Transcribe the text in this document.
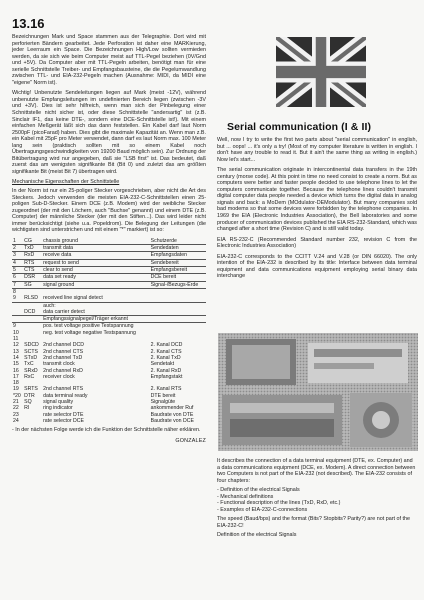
13.16

Bezeichnungen Mark und Space stammen aus der Telegraphie. Dort wird mit perforierten Bändern gearbeitet. Jede Perforation ist daher eine MARKierung, jeder Leerraum ein Space. Die Bezeichnungen High/Low sollten vermieden werden, da sie sich wie beim Computer meist auf TTL-Pegel beziehen (0V/Gnd und +5V). Da Computer aber mit TTL-Pegeln arbeiten, benötigt man für eine serielle Schnittstelle Treiber- und Empfangsbausteine, die die Pegelumwandlung zwischen TTL- und EIA-232-Pegeln machen (Ausnahme: MIDI, da MIDI eine "eigene" Norm ist).

Wichtig! Unbenutzte Sendeleitungen liegen auf Mark (meist -12V), während unbenutzte Empfangsleitungen im undefinierten Bereich liegen (zwischen -3V und +3V). Dies ist sehr hilfreich, wenn man sich der Pinbelegung einer Schnittstelle nicht sicher ist, oder diese Schnittstelle "andersartig" ist (z.B. Sinclair IF1, das keine DTE-, sondern eine DCE-Schnittstelle ist!). Mit einem einfachen Meßgerät läßt sich das dann feststellen. Ein Kabel darf laut Norm 2500pF (picoFarad) haben. Dies gibt die maximale Kapazität an. Wenn man z.B. ein Kabel mit 25pF pro Meter verwendet, dann darf es laut Norm max. 100 Meter lang sein (praktisch sollten mit so einem Kabel noch Übertragungsgeschwindigkeiten von 19200 Baud möglich sein). Zur Ordnung der Bitübertragung wird nur angegeben, daß sie "LSB first" ist. Das bedeutet, daß zuerst das am wenigsten signifikante Bit (Bit 0) und zuletzt das am größten signifikante Bit (meist Bit 7) übertragen wird.

Mechanische Eigenschaften der Schnittstelle

In der Norm ist nur ein 25-poliger Stecker vorgeschrieben, aber nicht die Art des Steckers. Jedoch verwenden die meisten EIA-232-C-Schnittstellen einen 25-poligen Sub-D-Stecker. Einem DCE (z.B. Modem) wird der weibliche Stecker zugeordnet (der mit den Löchern, auch "Buchse" genannt) und einem DTE (z.B. Computer) der männliche Stecker (der mit den Stiften...). Das wird leider nicht immer berücksichtigt (siehe u.a. Popeldrom). Die Belegung der Leitungen (die wichtigsten sind unterstrichen und mit einem "*" markiert) ist so:

1	CG	chassis ground	Schutzerde
2	TxD	transmit data	Sendedaten
3	RxD	receive data	Empfangsdaten
4	RTS	request to send	Sendebereit
5	CTS	clear to send	Empfangsbereit
6	DSR	data set ready	DCE bereit
7	SG	signal ground	Signal-/Bezugs-Erde
8			
9	RLSD	received line signal detect	
		auch:	
	DCD	data carrier detect	
		Empfangssignalpegel/Träger erkannt	
9		pos. test voltage positive Testspannung	
10		neg. test voltage negative Testspannung	
11			
12	SDCD	2nd channel DCD	2. Kanal DCD
13	SCTS	2nd channel CTS	2. Kanal CTS
14	STxD	2nd channel TxD	2. Kanal TxD
15	TxC	transmit clock	Sendetakt
16	SRxD	2nd channel RxD	2. Kanal RxD
17	RxC	receiver clock	Empfangstakt
18			
19	SRTS	2nd channel RTS	2. Kanal RTS
*20	DTR	data terminal ready	DTE bereit
21	SQ	signal quality	Signalgüte
22	RI	ring indicator	ankommender Ruf
23		rate selector DTE	Baudrate von DTE
24		rate selector DCE	Baudrate von DCE

- In der nächsten Folge werde ich die Funktion der Schnittstelle näher erklären.

GONZALEZ
Serial communication (I & II)

Well, now I try to write the first two parts about "serial communication" in english, but ... oops! ... it's only a try! (Most of my computer literature is written in english. I don't have any trouble to read it. But it ain't the same thing as writing in english.) Now let's start...

The serial communication originate in intercontinental data transfers in the 19th century (morse code). At this point in time no need consist to create a norm. But as computers were better and faster people decided to use telephone lines to let the computers communicate together. Because the telephone lines couldn't transmit digital computer data people needed a device which turns the digital data in analog signals and back: a MoDem (MOdulator-DEModulator). But many companies sold bad modems so that some devices were forbidden by the telephone companies. In 1969 the EIA (Electronic Industries Association), the Bell laboratories and some producer of communication devices published the EIA RS-232-Standard, which was changed after a short time (Revision C) and is still valid today.

EIA RS-232-C (Recommended Standard number 232, revision C from the Electronic Industries Association)

EIA-232-C corresponds to the CCITT V.24 and V.28 (or DIN 66020). The only intention of the EIA-232 is described by its title: Interface between data terminal equipment and data communications equipment employing serial binary data interchange

It describes the connection of a data terminal equipment (DTE, ex. Computer) and a data communications equipment (DCE, ex. Modem). A direct connection between two Computers is not part of the EIA-232 (not described). The EIA-232 consists of four chapters:

- Definition of the electrical Signals
- Mechanical definitions
- Functional description of the lines (TxD, RxD, etc.)
- Examples of EIA-232-C-connections

The speed (Baud/bps) and the format (Bits? Stopbits? Parity?) are not part of the EIA-232-C!

Definition of the electrical Signals
